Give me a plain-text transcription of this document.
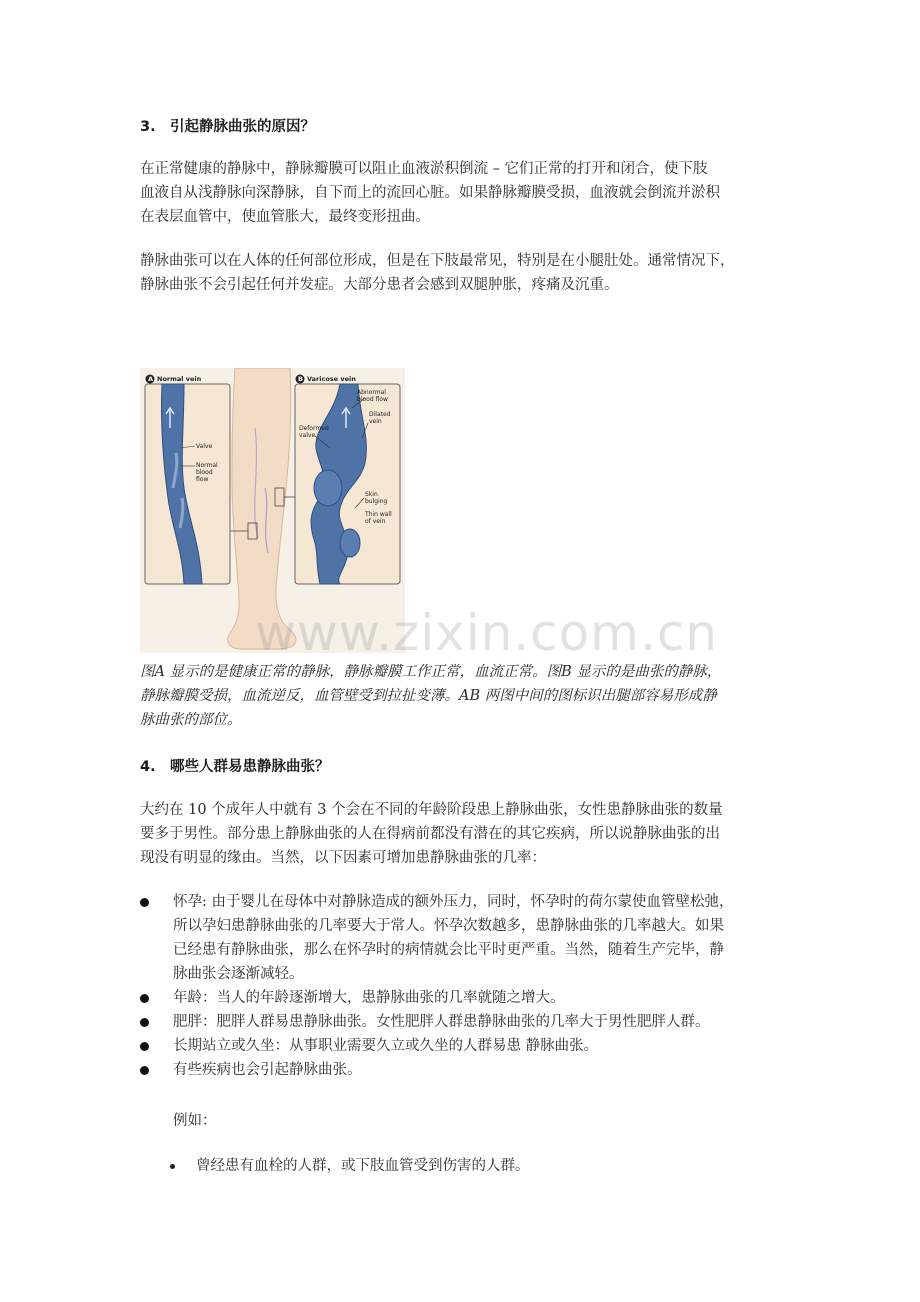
3. 引起静脉曲张的原因？
在正常健康的静脉中，静脉瓣膜可以阻止血液淤积倒流 – 它们正常的打开和闭合，使下肢
血液自从浅静脉向深静脉，自下而上的流回心脏。如果静脉瓣膜受损，血液就会倒流并淤积
在表层血管中，使血管胀大，最终变形扭曲。
静脉曲张可以在人体的任何部位形成，但是在下肢最常见，特别是在小腿肚处。通常情况下，
静脉曲张不会引起任何并发症。大部分患者会感到双腿肿胀，疼痛及沉重。
A Normal vein
Valve
Normal
blood
flow
B Varicose vein
Abnormal
blood flow
Dilated
vein
Deformed
valve
Skin
bulging
Thin wall
of vein
www.zixin.com.cn
图A 显示的是健康正常的静脉，静脉瓣膜工作正常，血流正常。图B 显示的是曲张的静脉，
静脉瓣膜受损，血流逆反，血管壁受到拉扯变薄。AB 两图中间的图标识出腿部容易形成静
脉曲张的部位。
4. 哪些人群易患静脉曲张？
大约在 10 个成年人中就有 3 个会在不同的年龄阶段患上静脉曲张，女性患静脉曲张的数量
要多于男性。部分患上静脉曲张的人在得病前都没有潜在的其它疾病，所以说静脉曲张的出
现没有明显的缘由。当然，以下因素可增加患静脉曲张的几率：
怀孕: 由于婴儿在母体中对静脉造成的额外压力，同时，怀孕时的荷尔蒙使血管壁松弛，
所以孕妇患静脉曲张的几率要大于常人。怀孕次数越多，患静脉曲张的几率越大。如果
已经患有静脉曲张，那么在怀孕时的病情就会比平时更严重。当然，随着生产完毕，静
脉曲张会逐渐减轻。
年龄：当人的年龄逐渐增大，患静脉曲张的几率就随之增大。
肥胖：肥胖人群易患静脉曲张。女性肥胖人群患静脉曲张的几率大于男性肥胖人群。
长期站立或久坐：从事职业需要久立或久坐的人群易患 静脉曲张。
有些疾病也会引起静脉曲张。
例如：
曾经患有血栓的人群，或下肢血管受到伤害的人群。
